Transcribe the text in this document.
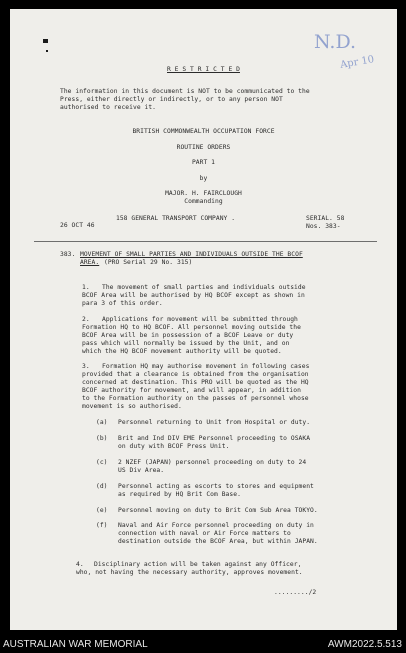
N.D.
Apr 10
R E S T R I C T E D
The information in this document is NOT to be communicated to the
Press, either directly or indirectly, or to any person NOT
authorised to receive it.
BRITISH COMMONWEALTH OCCUPATION FORCE
ROUTINE ORDERS
PART 1
by
MAJOR. H. FAIRCLOUGH
Commanding
26 OCT 46
158 GENERAL TRANSPORT COMPANY .	SERIAL. 58
Nos. 383-
383. MOVEMENT OF SMALL PARTIES AND INDIVIDUALS OUTSIDE THE BCOF
AREA. (PRO Serial 29 No. 315)
1. The movement of small parties and individuals outside
BCOF Area will be authorised by HQ BCOF except as shown in
para 3 of this order.
2. Applications for movement will be submitted through
Formation HQ to HQ BCOF. All personnel moving outside the
BCOF Area will be in possession of a BCOF Leave or duty
pass which will normally be issued by the Unit, and on
which the HQ BCOF movement authority will be quoted.
3. Formation HQ may authorise movement in following cases
provided that a clearance is obtained from the organisation
concerned at destination. This PRO will be quoted as the HQ
BCOF authority for movement, and will appear, in addition
to the Formation authority on the passes of personnel whose
movement is so authorised.
(a) Personnel returning to Unit from Hospital or duty.
(b) Brit and Ind DIV EME Personnel proceeding to OSAKA
on duty with BCOF Press Unit.
(c) 2 NZEF (JAPAN) personnel proceeding on duty to 24
US Div Area.
(d) Personnel acting as escorts to stores and equipment
as required by HQ Brit Com Base.
(e) Personnel moving on duty to Brit Com Sub Area TOKYO.
(f) Naval and Air Force personnel proceeding on duty in
connection with naval or Air Force matters to
destination outside the BCOF Area, but within JAPAN.
4. Disciplinary action will be taken against any Officer,
who, not having the necessary authority, approves movement.
........./2
AUSTRALIAN WAR MEMORIAL	AWM2022.5.513
